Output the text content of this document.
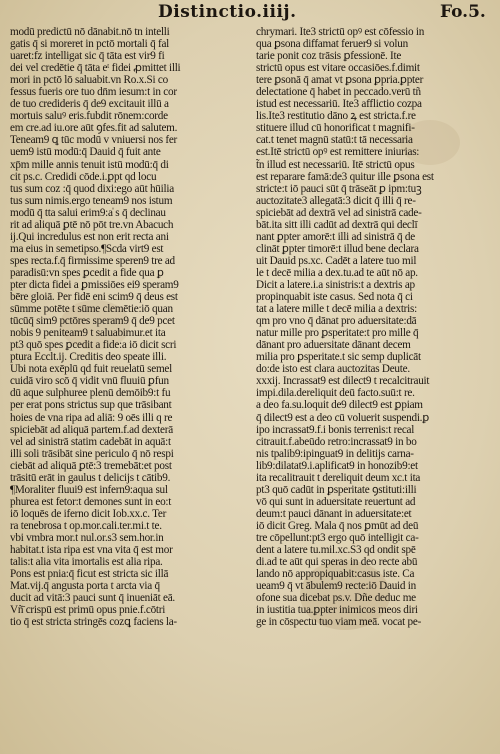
Distinctio.iiij.	Fo.5.
modū predictū nō dānabit.nō tn intelli
gatis q̄ si moreret in pctō mortali q̄ fal
uaret:fz intelligat sic q̄ tāta est vir9 fi
dei vel credētie q̄ tāta eᵗ fidei ꝓmittet illi
mori in pctō lō saluabit.vn Ro.x.Si co
fessus fueris ore tuo dn̄m iesum:t in cor
de tuo credideris q̄ de9 excitauit illū a
mortuis saluꝰ eris.fubdit rōnem:corde
em cre.ad iu.ore aūt ꝯfes.fit ad salutem.
Teneam9 ꝗ tūc modū v vniuersi nos fer
uem9 istū modū:q̄ Dauid q̄ fuit ante
xp̄m mille annis tenuit istū modū:q̄ di
cit ps.c. Credidi cōde.i.ꝑpt qd locu
tus sum coz :q̄ quod dixi:ego aūt hūilia
tus sum nimis.ergo teneam9 nos istum
modū q̄ tta salui erim9:a̍ s q̄ declinau
rit ad aliquā ꝑtē nō pōt tre.vn Abacuch
ij.Qui incredulus est non erit recta ani
ma eius in semetipso.¶Scda virt9 est
spes recta.f.q̄ firmissime speren9 tre ad
paradisū:vn spes ꝑcedit a fide qua ꝑ
pter dicta fidei a ꝑmissiōes ei9 speram9
bēre gloiā. Per fidē eni scim9 q̄ deus est
sūmme potēte t sūme clemētie:iō quan
tūcūq̄ sim9 pctōres speram9 q̄ de9 pcet
nobis 9 peniteam9 t saluabimur.et ita
pt3 quō spes ꝑcedit a fide:a iō dicit scri
ptura Ecclt.ij. Creditis deo speate illi.
Ubi nota exēplū qd fuit reuelatū semel
cuidā viro scō q̄ vidit vnū fluuiū ꝑfun
dū aque sulphuree plenū demōib9:t fu
per erat pons strictus sup que trāsibant
hoies de vna ripa ad aliā: 9 oēs illi q re
spiciebāt ad aliquā partem.f.ad dexterā
vel ad sinistrā statim cadebāt in aquā:t
illi soli trāsibāt sine periculo q̄ nō respi
ciebāt ad aliquā ꝑtē:3 tremebāt:et post
trāsitū erāt in gaulus t delicijs t cātib9.
¶Moraliter fluui9 est infern9:aqua sul
phurea est fetor:t demones sunt in eo:t
iō loquēs de iferno dicit Iob.xx.c. Ter
ra tenebrosa t op.mor.cali.ter.mi.t te.
vbi vmbra mor.t nul.or.s3 sem.hor.in
habitat.t ista ripa est vna vita q̄ est mor
talis:t alia vita imortalis est alia ripa.
Pons est pnia:q̄ ficut est stricta sic illā
Mat.vij.q̄ angusta porta t arcta via q̄
ducit ad vitā:3 pauci sunt q̄ inueniāt eā.
Vñ̄ crispū est primū opus pnie.f.cōtri
tio q̄ est stricta stringēs cozꝗ faciens la-
chrymari. Ite3 strictū opꝰ est cōfessio in
qua ꝑsona diffamat feruer9 si volun
tarie ponit coz trāsis ꝑfessionē. Ite
strictū opus est vitare occasiōes.f.dimit
tere ꝑsonā q̄ amat vt ꝑsona ꝑpria.ꝑpter
delectatione q̄ habet in peccado.verū tñ
istud est necessariū. Ite3 afflictio cozpa
lis.Ite3 restitutio dāno ꝝ est stricta.f.re
stituere illud cū honorificat t magnifi-
cat.t tenet magnū statū:t tā necessaria
est.Itē strictū opꝰ est remittere iniurias:
t̃n illud est necessariū. Itē strictū opus
est reparare famā:de3 quitur ille ꝑsona est
stricte:t iō pauci sūt q̄ trāseāt ꝑ ipm:tuꝫ
auctozitate3 allegatā:3 dicit q̄ illi q̄ re-
spiciebāt ad dextrā vel ad sinistrā cade-
bāt.ita sitt illi cadūt ad dextrā qui declī
nant ꝑpter amorē:t illi ad sinistrā q̄ de
clināt ꝑpter timorē:t illud bene declara
uit Dauid ps.xc. Cadēt a latere tuo mil
le t decē milia a dex.tu.ad te aūt nō ap.
Dicit a latere.i.a sinistris:t a dextris ap
propinquabit iste casus. Sed nota q̄ ci
tat a latere mille t decē milia a dextris:
qm pro vno q̄ dānat pro aduersitate:dā
natur mille pro ꝑsperitate:t pro mille q̄
dānant pro aduersitate dānant decem
milia pro ꝑsperitate.t sic semp duplicāt
do:de isto est clara auctozitas Deute.
xxxij. Incrassat9 est dilect9 t recalcitrauit
impi.dila.dereliquit deū facto.suū:t re.
a deo fa.su.loquit de9 dilect9 est ꝑpiam
q̄ dilect9 est a deo cū voluerit suspendi.ꝑ
ipo incrassat9.f.i bonis terrenis:t recal
citrauit.f.abeūdo retro:incrassat9 in bo
nis tpalib9:ipinguat9 in delitijs carna-
lib9:dilatat9.i.aplificat9 in honozib9:et
ita recalitrauit t dereliquit deum xc.t ita
pt3 quō cadūt in ꝑsperitate ꝯstituti:illi
vō qui sunt in aduersitate reuertunt ad
deum:t pauci dānant in aduersitate:et
iō dicit Greg. Mala q̄ nos ꝑmūt ad deū
tre cōpellunt:pt3 ergo quō intelligit ca-
dent a latere tu.mil.xc.S3 qd ondit spē
di.ad te aūt qui speras in deo recte abū
lando nō appropiquabit:casus iste. Ca
ueam9 q̄ vt ābulem9 recte:iō Dauid in
ofone sua dicebat ps.v. Dñe deduc me
in iustitia tua.ꝑpter inimicos meos diri
ge in cōspectu tuo viam meā. vocat pe-
